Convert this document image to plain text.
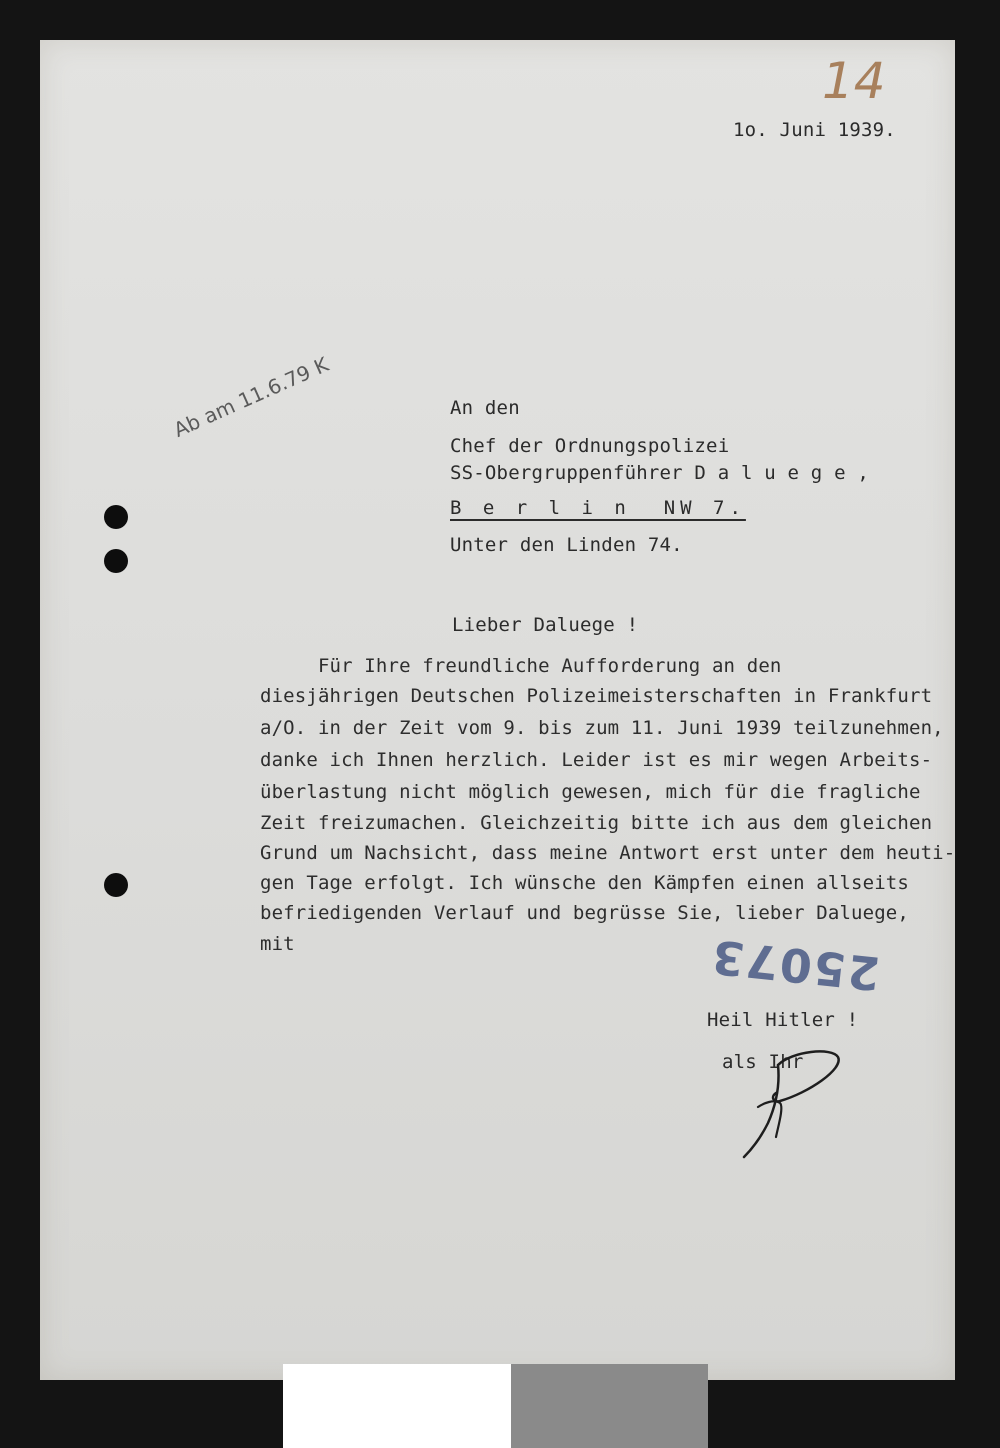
14
1o. Juni 1939.
Ab am 11.6.79 K	An den
Chef der Ordnungspolizei
SS-Obergruppenführer D a l u e g e ,
B e r l i n  NW 7.
Unter den Linden 74.
Lieber Daluege !
Für Ihre freundliche Aufforderung an den
diesjährigen Deutschen Polizeimeisterschaften in Frankfurt
a/O. in der Zeit vom 9. bis zum 11. Juni 1939 teilzunehmen,
danke ich Ihnen herzlich. Leider ist es mir wegen Arbeits-
überlastung nicht möglich gewesen, mich für die fragliche
Zeit freizumachen. Gleichzeitig bitte ich aus dem gleichen
Grund um Nachsicht, dass meine Antwort erst unter dem heuti-
gen Tage erfolgt. Ich wünsche den Kämpfen einen allseits
befriedigenden Verlauf und begrüsse Sie, lieber Daluege,
mit	25073
Heil Hitler !
als Ihr
